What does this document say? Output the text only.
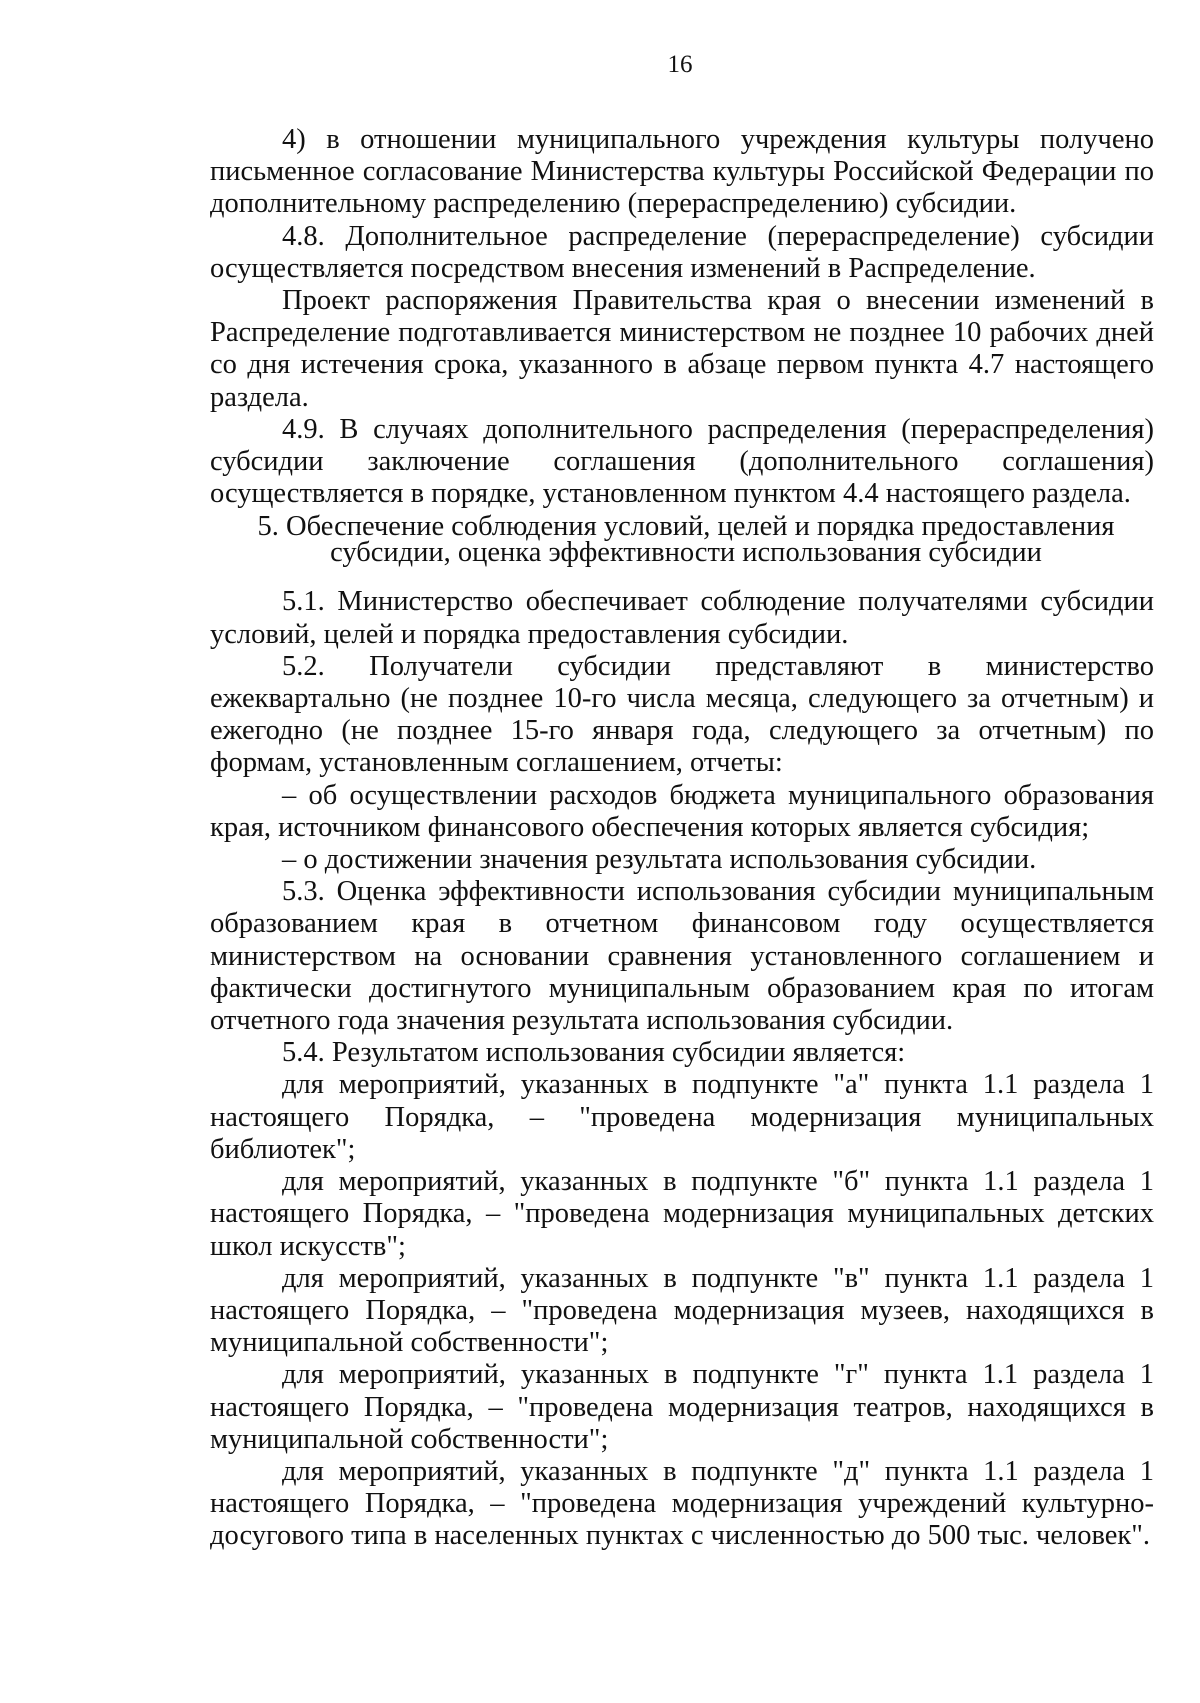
16

4) в отношении муниципального учреждения культуры получено письменное согласование Министерства культуры Российской Федерации по дополнительному распределению (перераспределению) субсидии.

4.8. Дополнительное распределение (перераспределение) субсидии осуществляется посредством внесения изменений в Распределение.

Проект распоряжения Правительства края о внесении изменений в Распределение подготавливается министерством не позднее 10 рабочих дней со дня истечения срока, указанного в абзаце первом пункта 4.7 настоящего раздела.

4.9. В случаях дополнительного распределения (перераспределения) субсидии заключение соглашения (дополнительного соглашения) осуществляется в порядке, установленном пунктом 4.4 настоящего раздела.

5. Обеспечение соблюдения условий, целей и порядка предоставления
субсидии, оценка эффективности использования субсидии

5.1. Министерство обеспечивает соблюдение получателями субсидии условий, целей и порядка предоставления субсидии.

5.2. Получатели субсидии представляют в министерство ежеквартально (не позднее 10-го числа месяца, следующего за отчетным) и ежегодно (не позднее 15-го января года, следующего за отчетным) по формам, установленным соглашением, отчеты:

– об осуществлении расходов бюджета муниципального образования края, источником финансового обеспечения которых является субсидия;

– о достижении значения результата использования субсидии.

5.3. Оценка эффективности использования субсидии муниципальным образованием края в отчетном финансовом году осуществляется министерством на основании сравнения установленного соглашением и фактически достигнутого муниципальным образованием края по итогам отчетного года значения результата использования субсидии.

5.4. Результатом использования субсидии является:

для мероприятий, указанных в подпункте "а" пункта 1.1 раздела 1 настоящего Порядка, – "проведена модернизация муниципальных библиотек";

для мероприятий, указанных в подпункте "б" пункта 1.1 раздела 1 настоящего Порядка, – "проведена модернизация муниципальных детских школ искусств";

для мероприятий, указанных в подпункте "в" пункта 1.1 раздела 1 настоящего Порядка, – "проведена модернизация музеев, находящихся в муниципальной собственности";

для мероприятий, указанных в подпункте "г" пункта 1.1 раздела 1 настоящего Порядка, – "проведена модернизация театров, находящихся в муниципальной собственности";

для мероприятий, указанных в подпункте "д" пункта 1.1 раздела 1 настоящего Порядка, – "проведена модернизация учреждений культурно-досугового типа в населенных пунктах с численностью до 500 тыс. человек".
